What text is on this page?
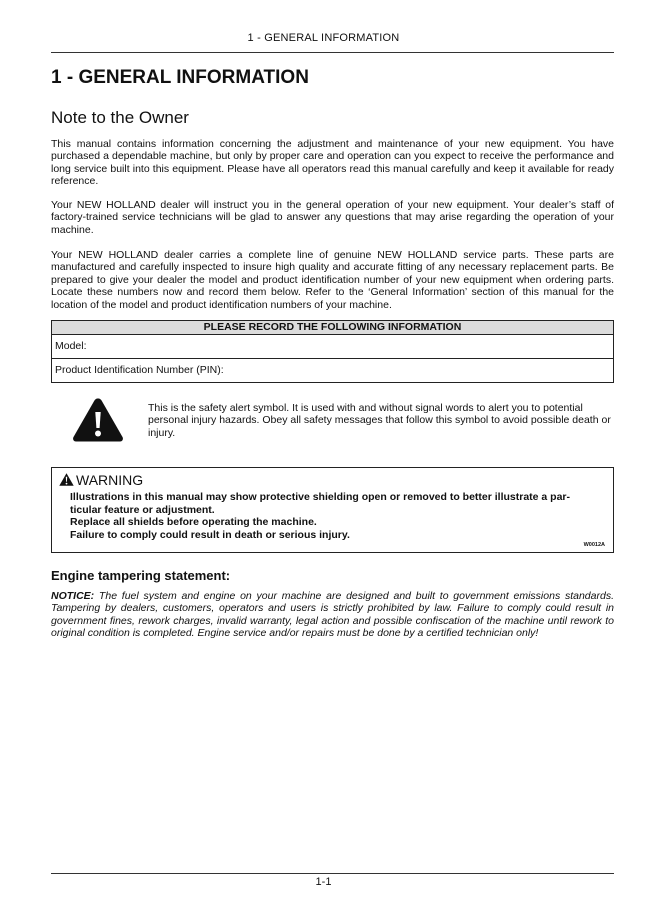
1 - GENERAL INFORMATION
1 - GENERAL INFORMATION
Note to the Owner

This manual contains information concerning the adjustment and maintenance of your new equipment. You have purchased a dependable machine, but only by proper care and operation can you expect to receive the performance and long service built into this equipment. Please have all operators read this manual carefully and keep it available for ready reference.

Your NEW HOLLAND dealer will instruct you in the general operation of your new equipment. Your dealer’s staff of factory-trained service technicians will be glad to answer any questions that may arise regarding the operation of your machine.

Your NEW HOLLAND dealer carries a complete line of genuine NEW HOLLAND service parts. These parts are manufactured and carefully inspected to insure high quality and accurate fitting of any necessary replacement parts. Be prepared to give your dealer the model and product identification number of your new equipment when ordering parts. Locate these numbers now and record them below. Refer to the ‘General Information’ section of this manual for the location of the model and product identification numbers of your machine.

PLEASE RECORD THE FOLLOWING INFORMATION
Model:
Product Identification Number (PIN):

This is the safety alert symbol. It is used with and without signal words to alert you to potential personal injury hazards. Obey all safety messages that follow this symbol to avoid possible death or injury.

WARNING
Illustrations in this manual may show protective shielding open or removed to better illustrate a par-ticular feature or adjustment.
Replace all shields before operating the machine.
Failure to comply could result in death or serious injury.
W0012A
Engine tampering statement:

NOTICE: The fuel system and engine on your machine are designed and built to government emissions standards. Tampering by dealers, customers, operators and users is strictly prohibited by law. Failure to comply could result in government fines, rework charges, invalid warranty, legal action and possible confiscation of the machine until rework to original condition is completed. Engine service and/or repairs must be done by a certified technician only!

1-1
